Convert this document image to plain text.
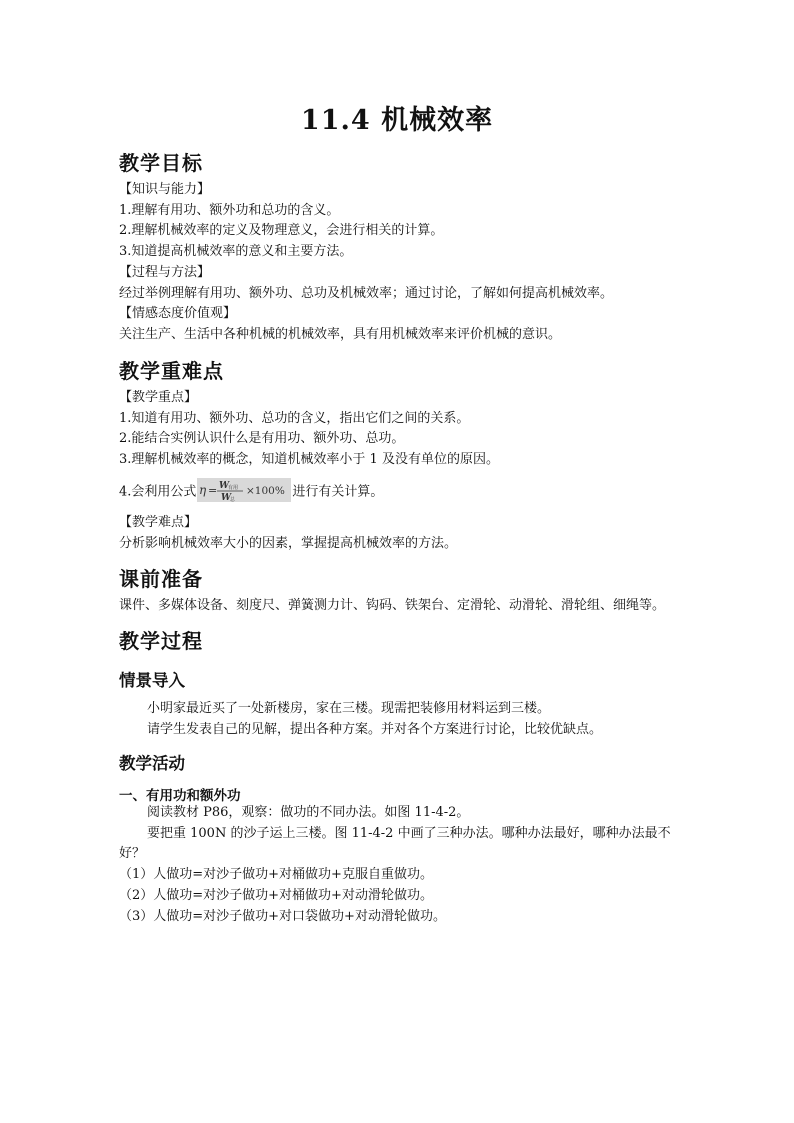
11.4 机械效率
教学目标
【知识与能力】
1.理解有用功、额外功和总功的含义。
2.理解机械效率的定义及物理意义，会进行相关的计算。
3.知道提高机械效率的意义和主要方法。
【过程与方法】
经过举例理解有用功、额外功、总功及机械效率；通过讨论，了解如何提高机械效率。
【情感态度价值观】
关注生产、生活中各种机械的机械效率，具有用机械效率来评价机械的意识。
教学重难点
【教学重点】
1.知道有用功、额外功、总功的含义，指出它们之间的关系。
2.能结合实例认识什么是有用功、额外功、总功。
3.理解机械效率的概念，知道机械效率小于 1 及没有单位的原因。
4.会利用公式 η = W
有用
W
总
×100% 进行有关计算。
【教学难点】
分析影响机械效率大小的因素，掌握提高机械效率的方法。
课前准备
课件、多媒体设备、刻度尺、弹簧测力计、钩码、铁架台、定滑轮、动滑轮、滑轮组、细绳等。
教学过程
情景导入
小明家最近买了一处新楼房，家在三楼。现需把装修用材料运到三楼。
请学生发表自己的见解，提出各种方案。并对各个方案进行讨论，比较优缺点。
教学活动
一、有用功和额外功
阅读教材 P86，观察：做功的不同办法。如图 11-4-2。
要把重 100N 的沙子运上三楼。图 11-4-2 中画了三种办法。哪种办法最好，哪种办法最不好？
（1）人做功=对沙子做功+对桶做功+克服自重做功。
（2）人做功=对沙子做功+对桶做功+对动滑轮做功。
（3）人做功=对沙子做功+对口袋做功+对动滑轮做功。
